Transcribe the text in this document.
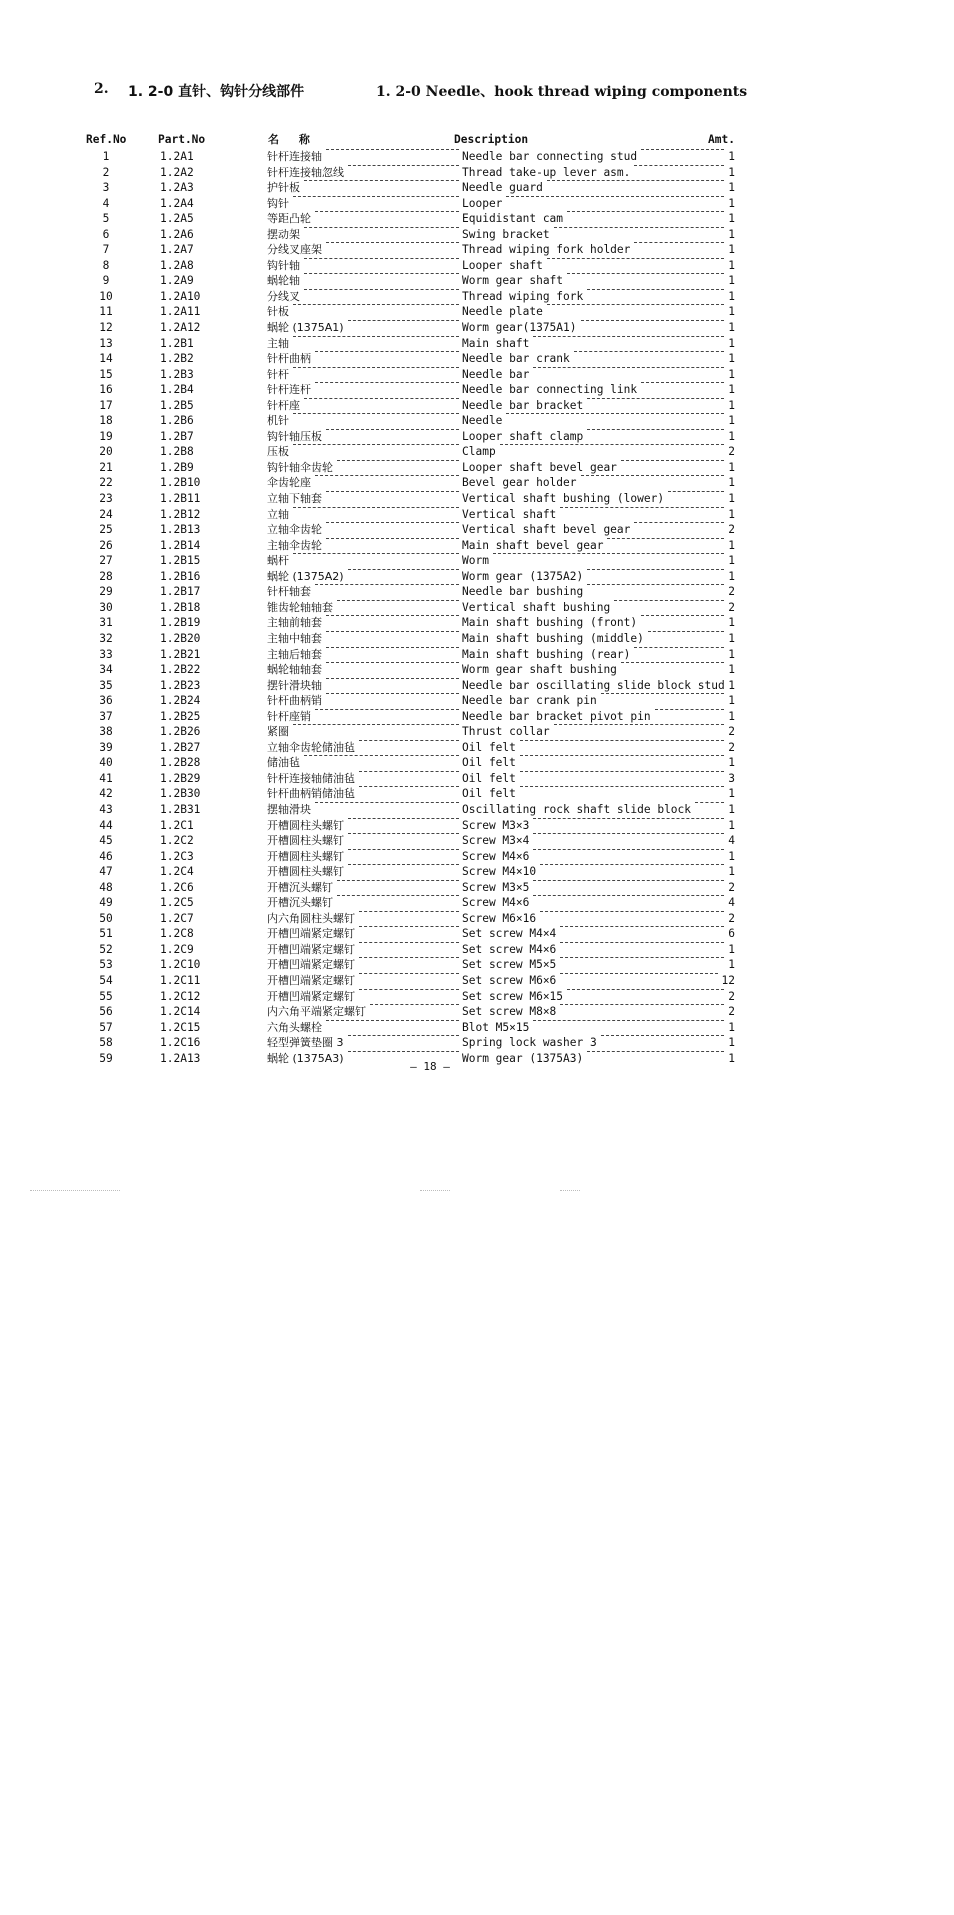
2. 1. 2-0 直针、钩针分线部件	1. 2-0 Needle、hook thread wiping components
Ref.No	Part.No	名 称	Description	Amt.
1	1.2A1	针杆连接轴	Needle bar connecting stud	1
2	1.2A2	针杆连接轴忽线	Thread take-up lever asm.	1
3	1.2A3	护针板	Needle guard	1
4	1.2A4	钩针	Looper	1
5	1.2A5	等距凸轮	Equidistant cam	1
6	1.2A6	摆动架	Swing bracket	1
7	1.2A7	分线叉座架	Thread wiping fork holder	1
8	1.2A8	钩针轴	Looper shaft	1
9	1.2A9	蜗轮轴	Worm gear shaft	1
10	1.2A10	分线叉	Thread wiping fork	1
11	1.2A11	针板	Needle plate	1
12	1.2A12	蜗轮 (1375A1)	Worm gear(1375A1)	1
13	1.2B1	主轴	Main shaft	1
14	1.2B2	针杆曲柄	Needle bar crank	1
15	1.2B3	针杆	Needle bar	1
16	1.2B4	针杆连杆	Needle bar connecting link	1
17	1.2B5	针杆座	Needle bar bracket	1
18	1.2B6	机针	Needle	1
19	1.2B7	钩针轴压板	Looper shaft clamp	1
20	1.2B8	压板	Clamp	2
21	1.2B9	钩针轴伞齿轮	Looper shaft bevel gear	1
22	1.2B10	伞齿轮座	Bevel gear holder	1
23	1.2B11	立轴下轴套	Vertical shaft bushing (lower)	1
24	1.2B12	立轴	Vertical shaft	1
25	1.2B13	立轴伞齿轮	Vertical shaft bevel gear	2
26	1.2B14	主轴伞齿轮	Main shaft bevel gear	1
27	1.2B15	蜗杆	Worm	1
28	1.2B16	蜗轮 (1375A2)	Worm gear (1375A2)	1
29	1.2B17	针杆轴套	Needle bar bushing	2
30	1.2B18	锥齿轮轴轴套	Vertical shaft bushing	2
31	1.2B19	主轴前轴套	Main shaft bushing (front)	1
32	1.2B20	主轴中轴套	Main shaft bushing (middle)	1
33	1.2B21	主轴后轴套	Main shaft bushing (rear)	1
34	1.2B22	蜗轮轴轴套	Worm gear shaft bushing	1
35	1.2B23	摆针滑块轴	Needle bar oscillating slide block stud 1
36	1.2B24	针杆曲柄销	Needle bar crank pin	1
37	1.2B25	针杆座销	Needle bar bracket pivot pin	1
38	1.2B26	紧圈	Thrust collar	2
39	1.2B27	立轴伞齿轮储油毡	Oil felt	2
40	1.2B28	储油毡	Oil felt	1
41	1.2B29	针杆连接轴储油毡	Oil felt	3
42	1.2B30	针杆曲柄销储油毡	Oil felt	1
43	1.2B31	摆轴滑块	Oscillating rock shaft slide block	1
44	1.2C1	开槽圆柱头螺钉	Screw M3×3	1
45	1.2C2	开槽圆柱头螺钉	Screw M3×4	4
46	1.2C3	开槽圆柱头螺钉	Screw M4×6	1
47	1.2C4	开槽圆柱头螺钉	Screw M4×10	1
48	1.2C6	开槽沉头螺钉	Screw M3×5	2
49	1.2C5	开槽沉头螺钉	Screw M4×6	4
50	1.2C7	内六角圆柱头螺钉	Screw M6×16	2
51	1.2C8	开槽凹端紧定螺钉	Set screw M4×4	6
52	1.2C9	开槽凹端紧定螺钉	Set screw M4×6	1
53	1.2C10	开槽凹端紧定螺钉	Set screw M5×5	1
54	1.2C11	开槽凹端紧定螺钉	Set screw M6×6	12
55	1.2C12	开槽凹端紧定螺钉	Set screw M6×15	2
56	1.2C14	内六角平端紧定螺钉	Set screw M8×8	2
57	1.2C15	六角头螺栓	Blot M5×15	1
58	1.2C16	轻型弹簧垫圈 3	Spring lock washer 3	1
59	1.2A13	蜗轮 (1375A3)	Worm gear (1375A3)	1
— 18 —
